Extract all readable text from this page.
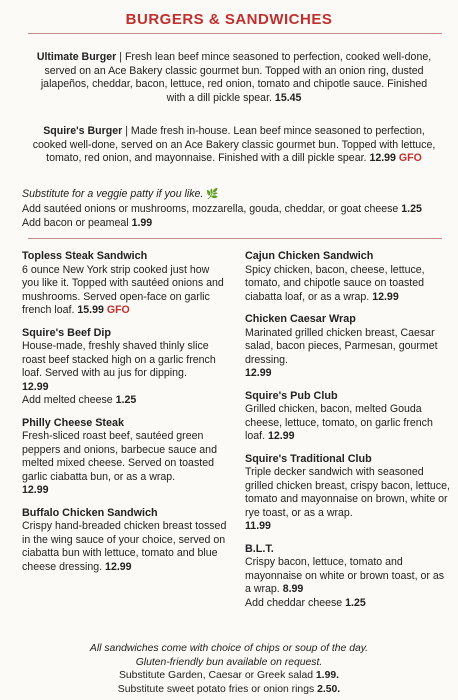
BURGERS & SANDWICHES
Ultimate Burger | Fresh lean beef mince seasoned to perfection, cooked well-done, served on an Ace Bakery classic gourmet bun. Topped with an onion ring, dusted jalapeños, cheddar, bacon, lettuce, red onion, tomato and chipotle sauce. Finished with a dill pickle spear. 15.45
Squire's Burger | Made fresh in-house. Lean beef mince seasoned to perfection, cooked well-done, served on an Ace Bakery classic gourmet bun. Topped with lettuce, tomato, red onion, and mayonnaise. Finished with a dill pickle spear. 12.99 GFO
Substitute for a veggie patty if you like. 🌿
Add sautéed onions or mushrooms, mozzarella, gouda, cheddar, or goat cheese 1.25     Add bacon or peameal 1.99
Topless Steak Sandwich
6 ounce New York strip cooked just how you like it. Topped with sautéed onions and mushrooms. Served open-face on garlic french loaf. 15.99 GFO
Squire's Beef Dip
House-made, freshly shaved thinly slice roast beef stacked high on a garlic french loaf. Served with au jus for dipping.
12.99
Add melted cheese 1.25
Philly Cheese Steak
Fresh-sliced roast beef, sautéed green peppers and onions, barbecue sauce and melted mixed cheese. Served on toasted garlic ciabatta bun, or as a wrap.
12.99
Buffalo Chicken Sandwich
Crispy hand-breaded chicken breast tossed in the wing sauce of your choice, served on ciabatta bun with lettuce, tomato and blue cheese dressing. 12.99
Cajun Chicken Sandwich
Spicy chicken, bacon, cheese, lettuce, tomato, and chipotle sauce on toasted ciabatta loaf, or as a wrap. 12.99
Chicken Caesar Wrap
Marinated grilled chicken breast, Caesar salad, bacon pieces, Parmesan, gourmet dressing.
12.99
Squire's Pub Club
Grilled chicken, bacon, melted Gouda cheese, lettuce, tomato, on garlic french loaf. 12.99
Squire's Traditional Club
Triple decker sandwich with seasoned grilled chicken breast, crispy bacon, lettuce, tomato and mayonnaise on brown, white or rye toast, or as a wrap.
11.99
B.L.T.
Crispy bacon, lettuce, tomato and mayonnaise on white or brown toast, or as a wrap. 8.99
Add cheddar cheese 1.25
All sandwiches come with choice of chips or soup of the day.
Gluten-friendly bun available on request.
Substitute Garden, Caesar or Greek salad 1.99.
Substitute sweet potato fries or onion rings 2.50.
